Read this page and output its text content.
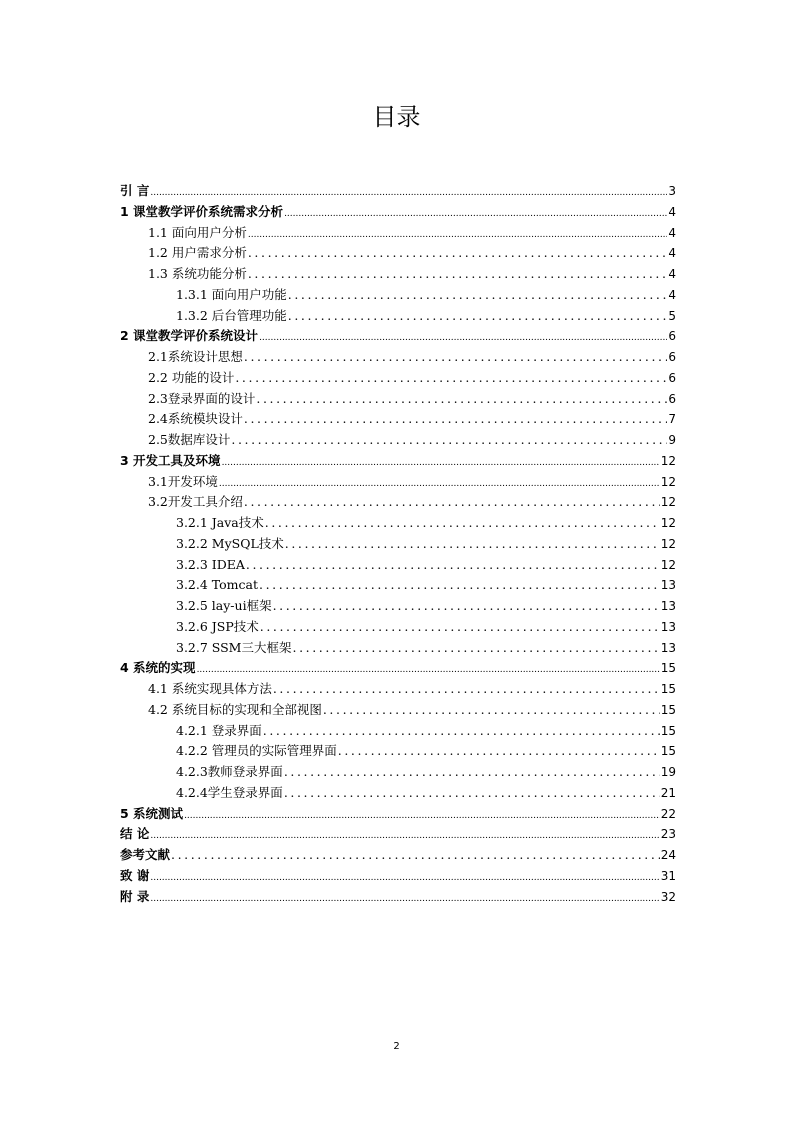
目录
引 言 .....	3
1 课堂教学评价系统需求分析 .....	4
1.1 面向用户分析 .....	4
1.2 用户需求分析 .....	4
1.3 系统功能分析 .....	4
1.3.1 面向用户功能 .....	4
1.3.2 后台管理功能 .....	5
2 课堂教学评价系统设计 .....	6
2.1系统设计思想 .....	6
2.2 功能的设计 .....	6
2.3登录界面的设计 .....	6
2.4系统模块设计 .....	7
2.5数据库设计 .....	9
3 开发工具及环境 .....	12
3.1开发环境 .....	12
3.2开发工具介绍 .....	12
3.2.1 Java技术 .....	12
3.2.2 MySQL技术 .....	12
3.2.3 IDEA .....	12
3.2.4 Tomcat .....	13
3.2.5 lay-ui框架 .....	13
3.2.6 JSP技术 .....	13
3.2.7 SSM三大框架 .....	13
4 系统的实现 .....	15
4.1 系统实现具体方法 .....	15
4.2 系统目标的实现和全部视图 .....	15
4.2.1 登录界面 .....	15
4.2.2 管理员的实际管理界面 .....	15
4.2.3教师登录界面 .....	19
4.2.4学生登录界面 .....	21
5 系统测试 .....	22
结 论 .....	23
参考文献 .....	24
致 谢 .....	31
附 录 .....	32
2
